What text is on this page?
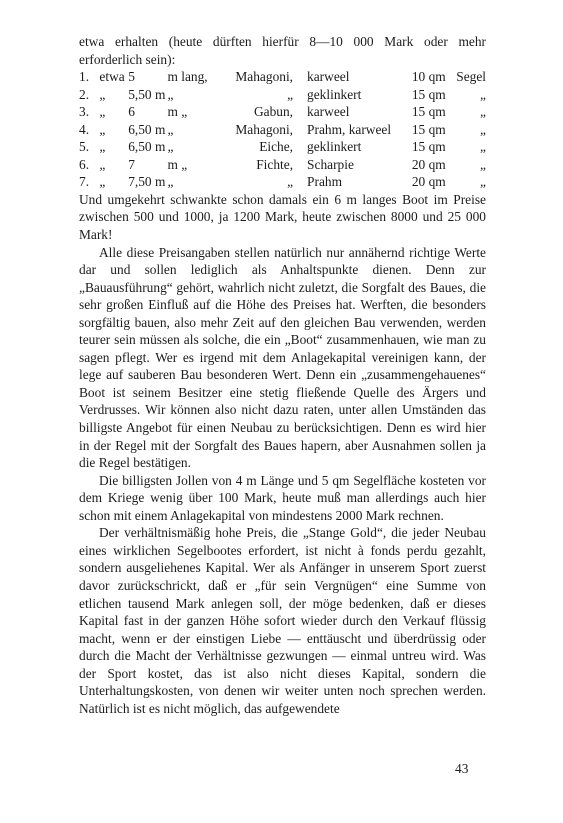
etwa erhalten (heute dürften hierfür 8—10 000 Mark oder mehr erforderlich sein):

1.	etwa	5	m lang,	Mahagoni,	karweel	10 qm	Segel
2.	„	5,50 m	„	„	geklinkert	15 qm	„
3.	„	6	m „	Gabun,	karweel	15 qm	„
4.	„	6,50 m	„	Mahagoni,	Prahm, karweel	15 qm	„
5.	„	6,50 m	„	Eiche,	geklinkert	15 qm	„
6.	„	7	m „	Fichte,	Scharpie	20 qm	„
7.	„	7,50 m	„	„	Prahm	20 qm	„

Und umgekehrt schwankte schon damals ein 6 m langes Boot im Preise zwischen 500 und 1000, ja 1200 Mark, heute zwischen 8000 und 25 000 Mark!

Alle diese Preisangaben stellen natürlich nur annähernd richtige Werte dar und sollen lediglich als Anhaltspunkte dienen. Denn zur „Bauausführung“ gehört, wahrlich nicht zuletzt, die Sorgfalt des Baues, die sehr großen Einfluß auf die Höhe des Preises hat. Werften, die besonders sorgfältig bauen, also mehr Zeit auf den gleichen Bau verwenden, werden teurer sein müssen als solche, die ein „Boot“ zusammenhauen, wie man zu sagen pflegt. Wer es irgend mit dem Anlagekapital vereinigen kann, der lege auf sauberen Bau besonderen Wert. Denn ein „zusammengehauenes“ Boot ist seinem Besitzer eine stetig fließende Quelle des Ärgers und Verdrusses. Wir können also nicht dazu raten, unter allen Umständen das billigste Angebot für einen Neubau zu berücksichtigen. Denn es wird hier in der Regel mit der Sorgfalt des Baues hapern, aber Ausnahmen sollen ja die Regel bestätigen.

Die billigsten Jollen von 4 m Länge und 5 qm Segelfläche kosteten vor dem Kriege wenig über 100 Mark, heute muß man allerdings auch hier schon mit einem Anlagekapital von mindestens 2000 Mark rechnen.

Der verhältnismäßig hohe Preis, die „Stange Gold“, die jeder Neubau eines wirklichen Segelbootes erfordert, ist nicht à fonds perdu gezahlt, sondern ausgeliehenes Kapital. Wer als Anfänger in unserem Sport zuerst davor zurückschrickt, daß er „für sein Vergnügen“ eine Summe von etlichen tausend Mark anlegen soll, der möge bedenken, daß er dieses Kapital fast in der ganzen Höhe sofort wieder durch den Verkauf flüssig macht, wenn er der einstigen Liebe — enttäuscht und überdrüssig oder durch die Macht der Verhältnisse gezwungen — einmal untreu wird. Was der Sport kostet, das ist also nicht dieses Kapital, sondern die Unterhaltungskosten, von denen wir weiter unten noch sprechen werden. Natürlich ist es nicht möglich, das aufgewendete

43
